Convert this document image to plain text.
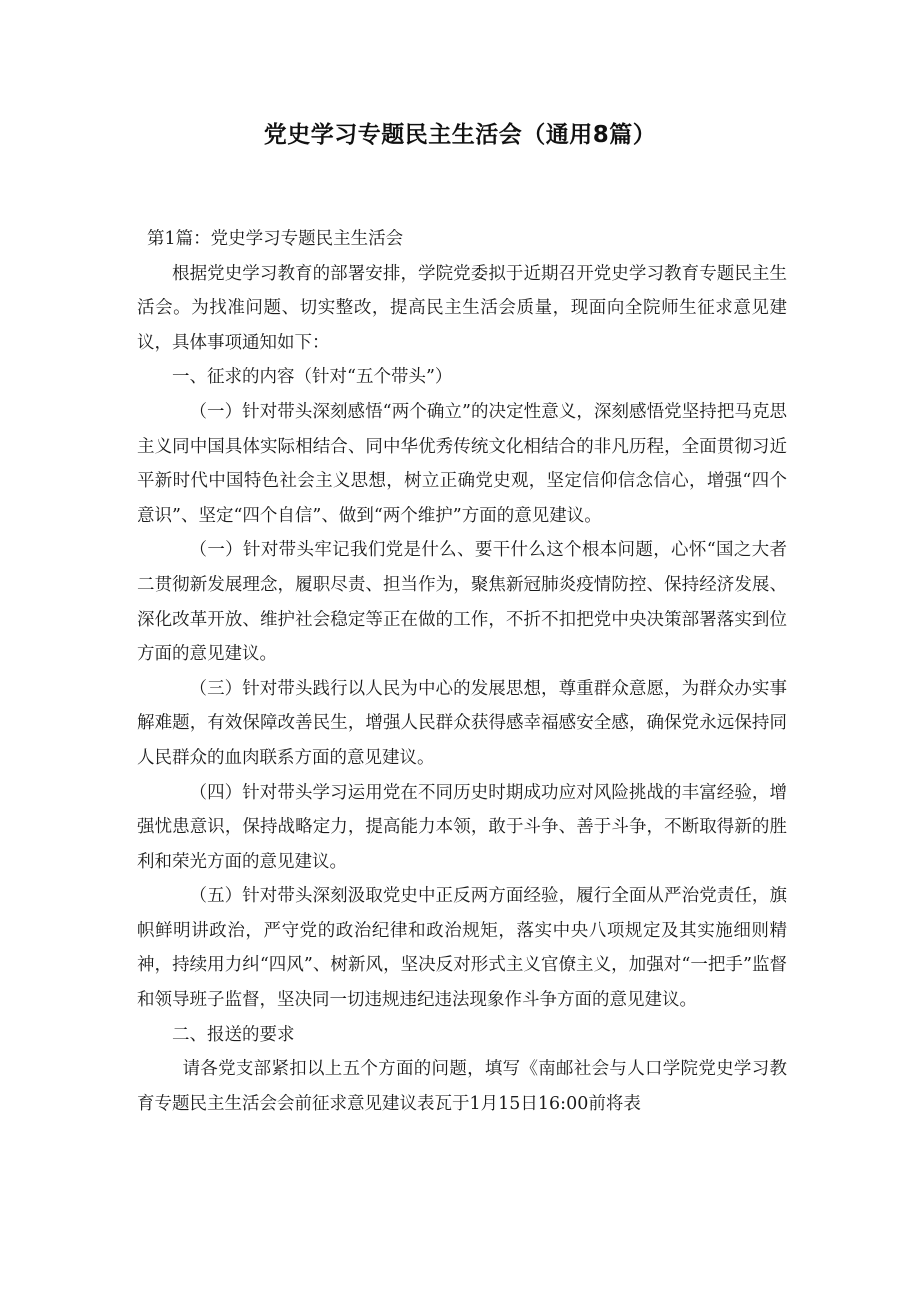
党史学习专题民主生活会（通用8篇）

第1篇：党史学习专题民主生活会

根据党史学习教育的部署安排，学院党委拟于近期召开党史学习教育专题民主生活会。为找准问题、切实整改，提高民主生活会质量，现面向全院师生征求意见建议，具体事项通知如下：

一、征求的内容（针对“五个带头”）

（一）针对带头深刻感悟“两个确立”的决定性意义，深刻感悟党坚持把马克思主义同中国具体实际相结合、同中华优秀传统文化相结合的非凡历程，全面贯彻习近平新时代中国特色社会主义思想，树立正确党史观，坚定信仰信念信心，增强“四个意识”、坚定“四个自信”、做到“两个维护”方面的意见建议。

（一）针对带头牢记我们党是什么、要干什么这个根本问题，心怀“国之大者二贯彻新发展理念，履职尽责、担当作为，聚焦新冠肺炎疫情防控、保持经济发展、深化改革开放、维护社会稳定等正在做的工作，不折不扣把党中央决策部署落实到位方面的意见建议。

（三）针对带头践行以人民为中心的发展思想，尊重群众意愿，为群众办实事解难题，有效保障改善民生，增强人民群众获得感幸福感安全感，确保党永远保持同人民群众的血肉联系方面的意见建议。

（四）针对带头学习运用党在不同历史时期成功应对风险挑战的丰富经验，增强忧患意识，保持战略定力，提高能力本领，敢于斗争、善于斗争，不断取得新的胜利和荣光方面的意见建议。

（五）针对带头深刻汲取党史中正反两方面经验，履行全面从严治党责任，旗帜鲜明讲政治，严守党的政治纪律和政治规矩，落实中央八项规定及其实施细则精神，持续用力纠“四风”、树新风，坚决反对形式主义官僚主义，加强对“一把手”监督和领导班子监督，坚决同一切违规违纪违法现象作斗争方面的意见建议。

二、报送的要求

请各党支部紧扣以上五个方面的问题，填写《南邮社会与人口学院党史学习教育专题民主生活会会前征求意见建议表瓦于1月15日16:00前将表
